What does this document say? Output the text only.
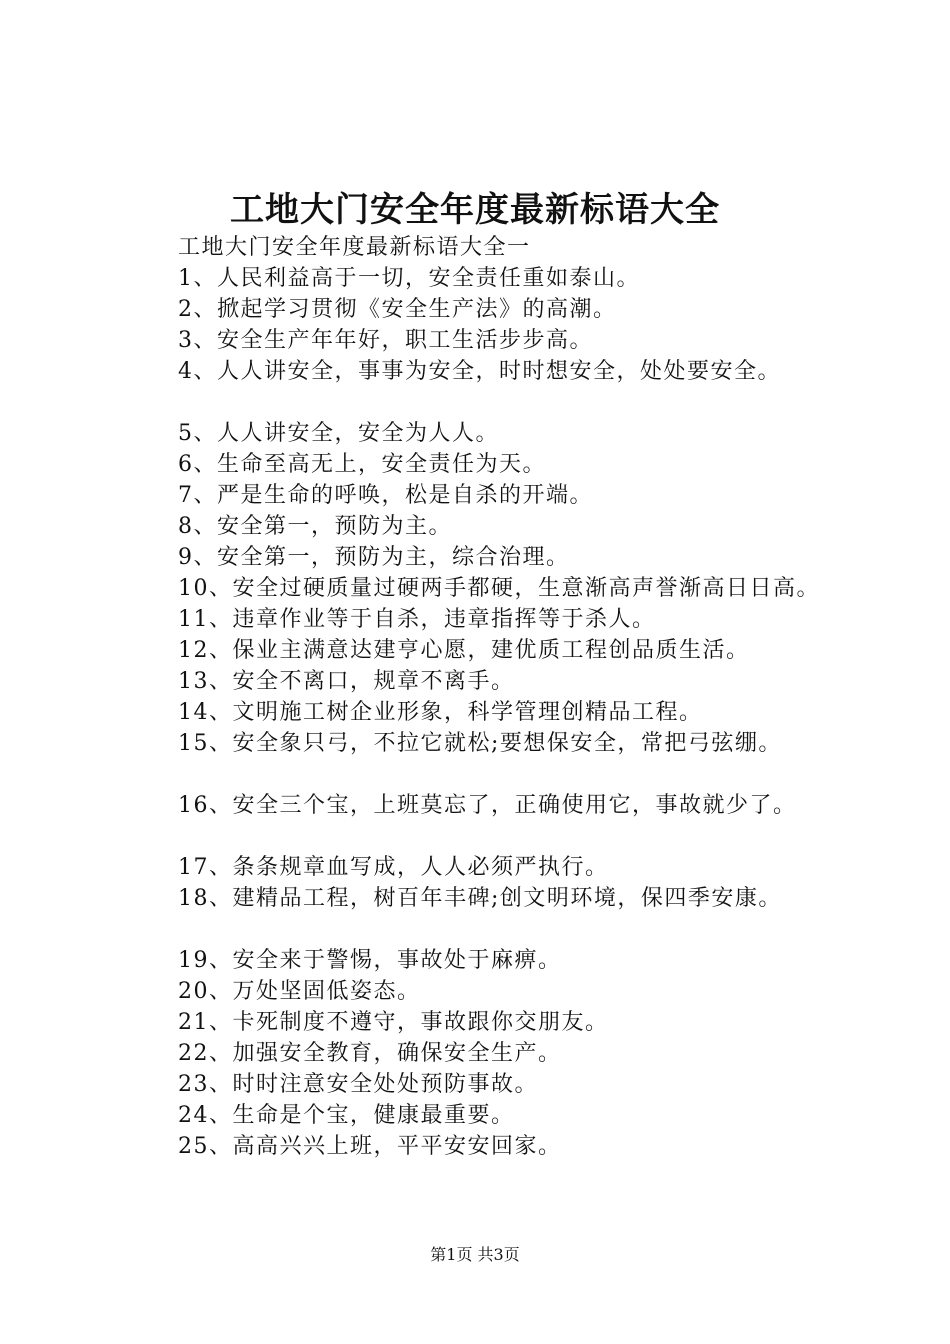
工地大门安全年度最新标语大全

工地大门安全年度最新标语大全一

1、人民利益高于一切，安全责任重如泰山。

2、掀起学习贯彻《安全生产法》的高潮。

3、安全生产年年好，职工生活步步高。

4、人人讲安全，事事为安全，时时想安全，处处要安全。

5、人人讲安全，安全为人人。

6、生命至高无上，安全责任为天。

7、严是生命的呼唤，松是自杀的开端。

8、安全第一，预防为主。

9、安全第一，预防为主，综合治理。

10、安全过硬质量过硬两手都硬，生意渐高声誉渐高日日高。

11、违章作业等于自杀，违章指挥等于杀人。

12、保业主满意达建亨心愿，建优质工程创品质生活。

13、安全不离口，规章不离手。

14、文明施工树企业形象，科学管理创精品工程。

15、安全象只弓，不拉它就松;要想保安全，常把弓弦绷。

16、安全三个宝，上班莫忘了，正确使用它，事故就少了。

17、条条规章血写成，人人必须严执行。

18、建精品工程，树百年丰碑;创文明环境，保四季安康。

19、安全来于警惕，事故处于麻痹。

20、万处坚固低姿态。

21、卡死制度不遵守，事故跟你交朋友。

22、加强安全教育，确保安全生产。

23、时时注意安全处处预防事故。

24、生命是个宝，健康最重要。

25、高高兴兴上班，平平安安回家。

第1页 共3页
